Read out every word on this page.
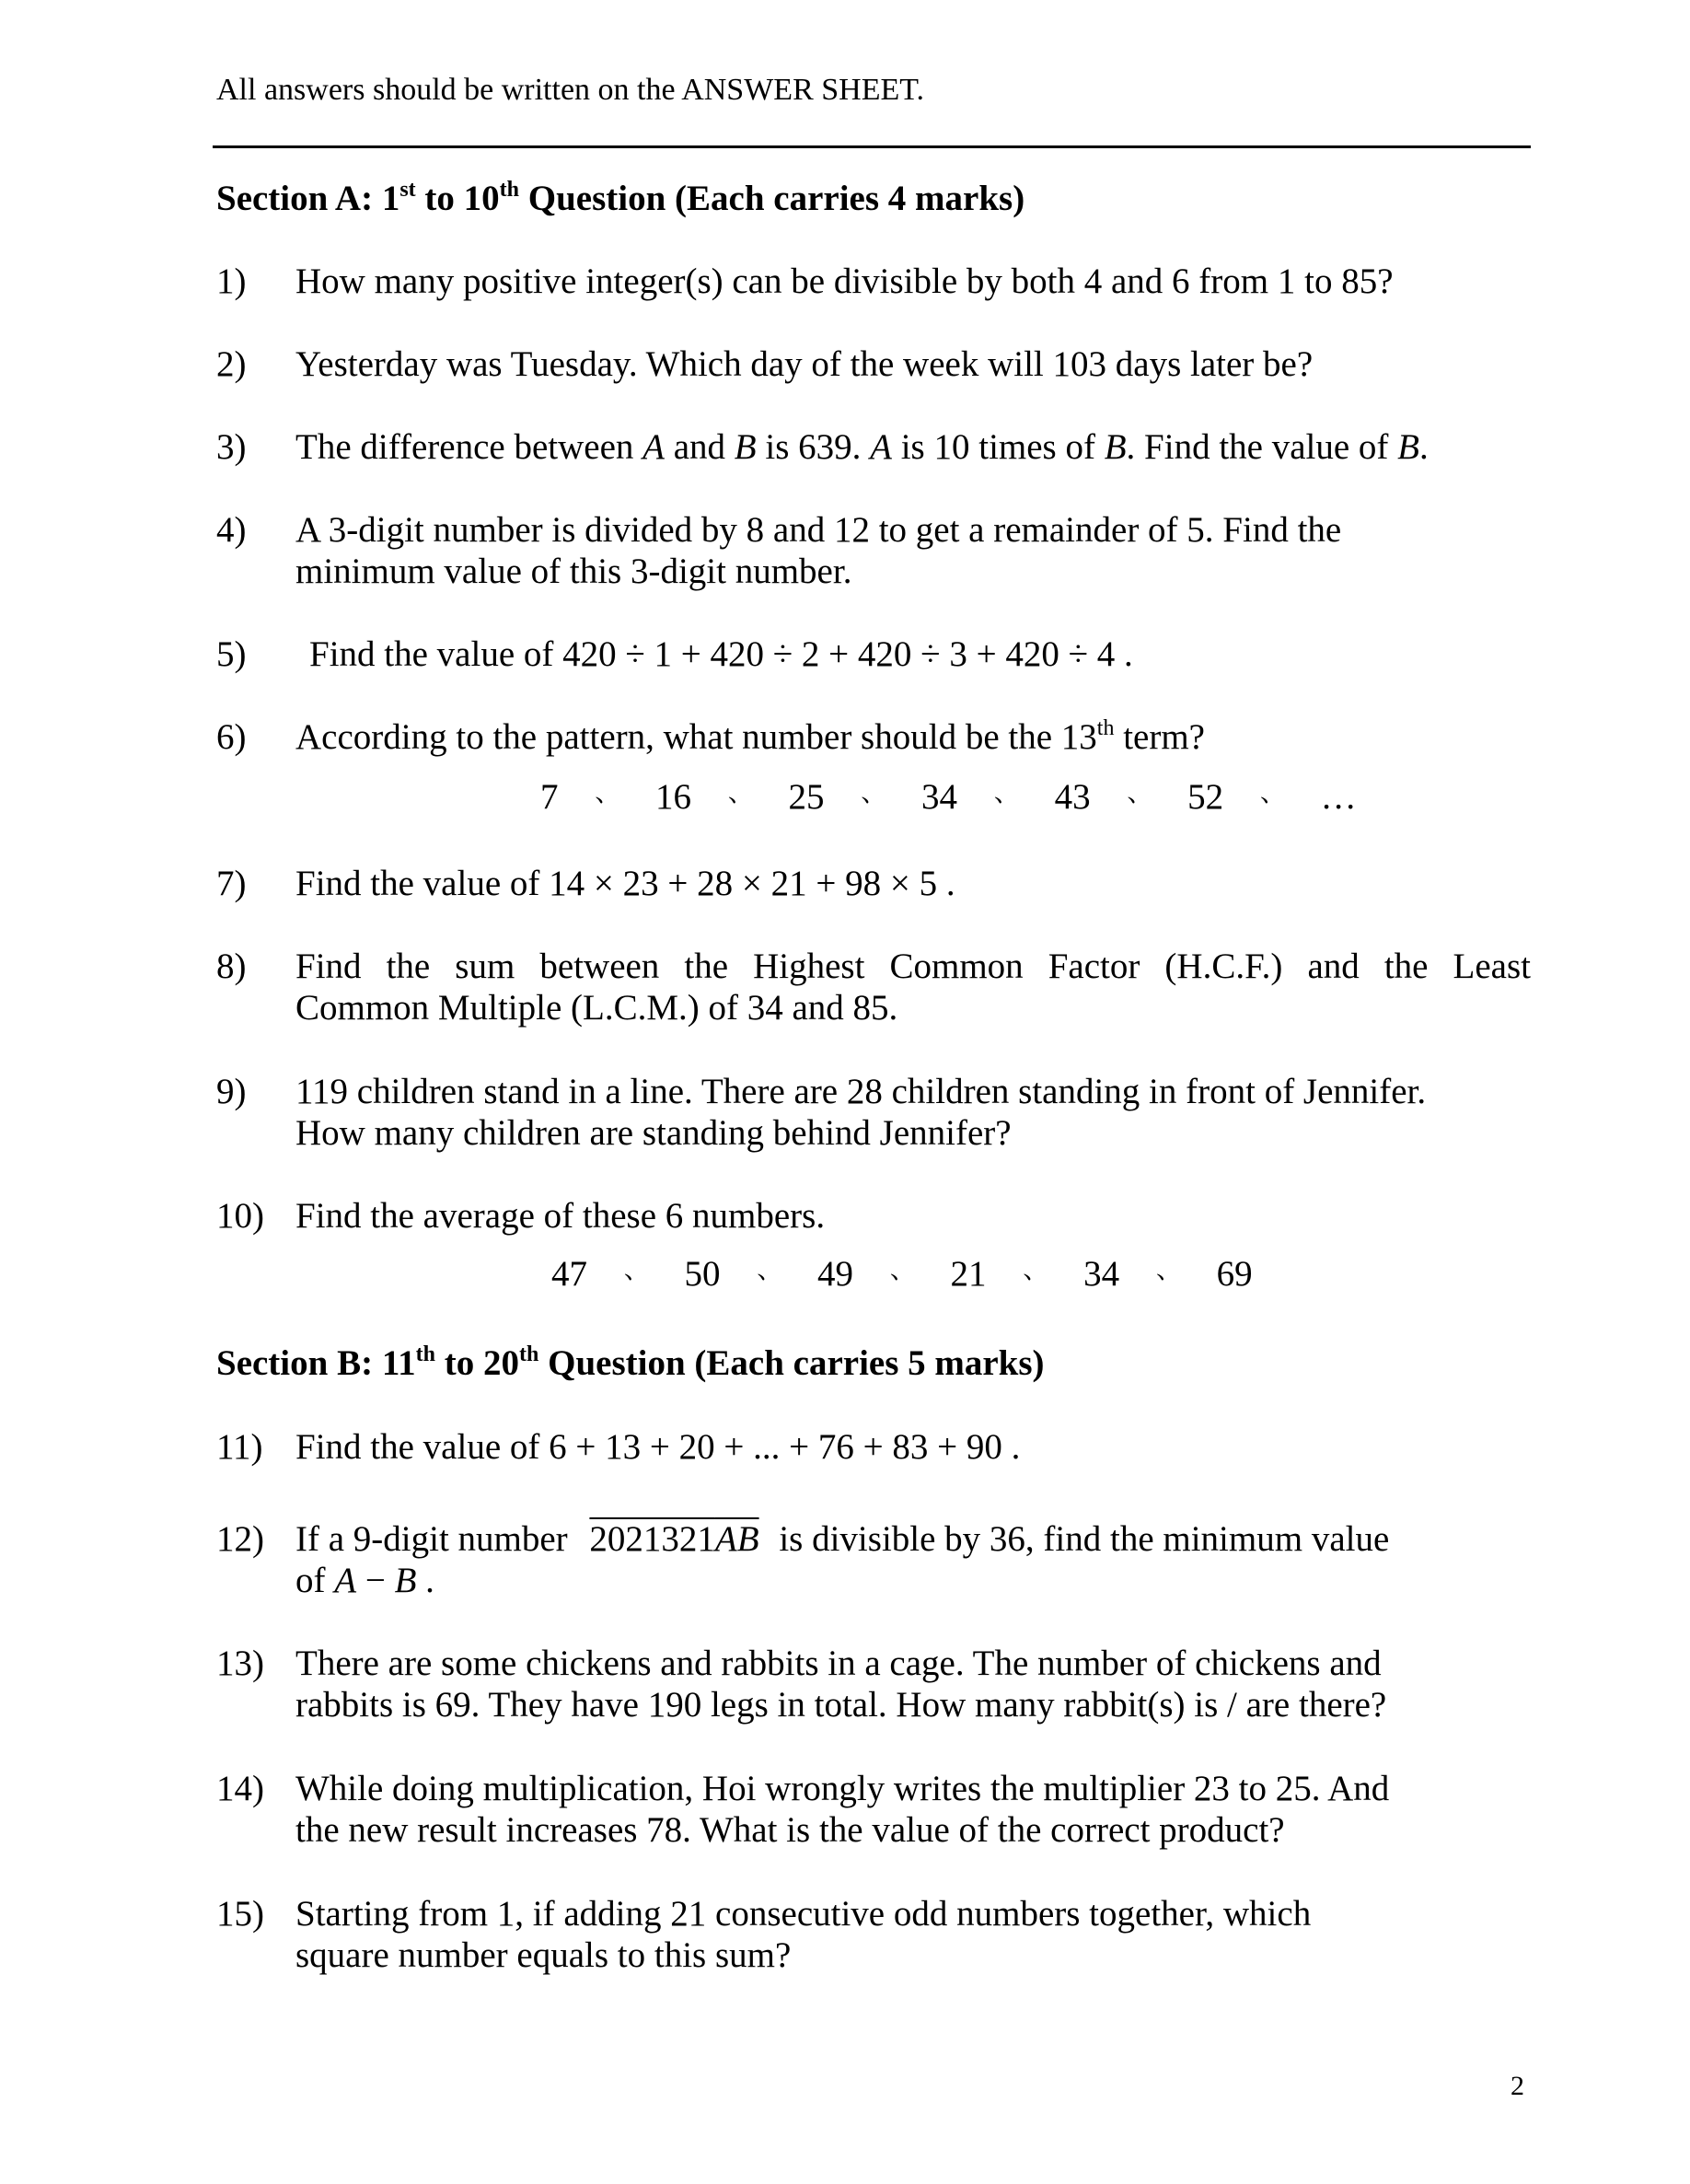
All answers should be written on the ANSWER SHEET.
Section A: 1st to 10th Question (Each carries 4 marks)
1) How many positive integer(s) can be divisible by both 4 and 6 from 1 to 85?
2) Yesterday was Tuesday. Which day of the week will 103 days later be?
3) The difference between A and B is 639. A is 10 times of B. Find the value of B.
4) A 3-digit number is divided by 8 and 12 to get a remainder of 5. Find the
minimum value of this 3-digit number.
5) Find the value of 420 ÷ 1 + 420 ÷ 2 + 420 ÷ 3 + 420 ÷ 4 .
6) According to the pattern, what number should be the 13th term?
7 、 16 、 25 、 34 、 43 、 52 、 …
7) Find the value of 14 × 23 + 28 × 21 + 98 × 5 .
8) Find the sum between the Highest Common Factor (H.C.F.) and the Least
Common Multiple (L.C.M.) of 34 and 85.
9) 119 children stand in a line. There are 28 children standing in front of Jennifer.
How many children are standing behind Jennifer?
10) Find the average of these 6 numbers.
47 、 50 、 49 、 21 、 34 、 69
Section B: 11th to 20th Question (Each carries 5 marks)
11) Find the value of 6 + 13 + 20 + ... + 76 + 83 + 90 .
12) If a 9-digit number 2021321AB is divisible by 36, find the minimum value
of A − B .
13) There are some chickens and rabbits in a cage. The number of chickens and
rabbits is 69. They have 190 legs in total. How many rabbit(s) is / are there?
14) While doing multiplication, Hoi wrongly writes the multiplier 23 to 25. And
the new result increases 78. What is the value of the correct product?
15) Starting from 1, if adding 21 consecutive odd numbers together, which
square number equals to this sum?
2
